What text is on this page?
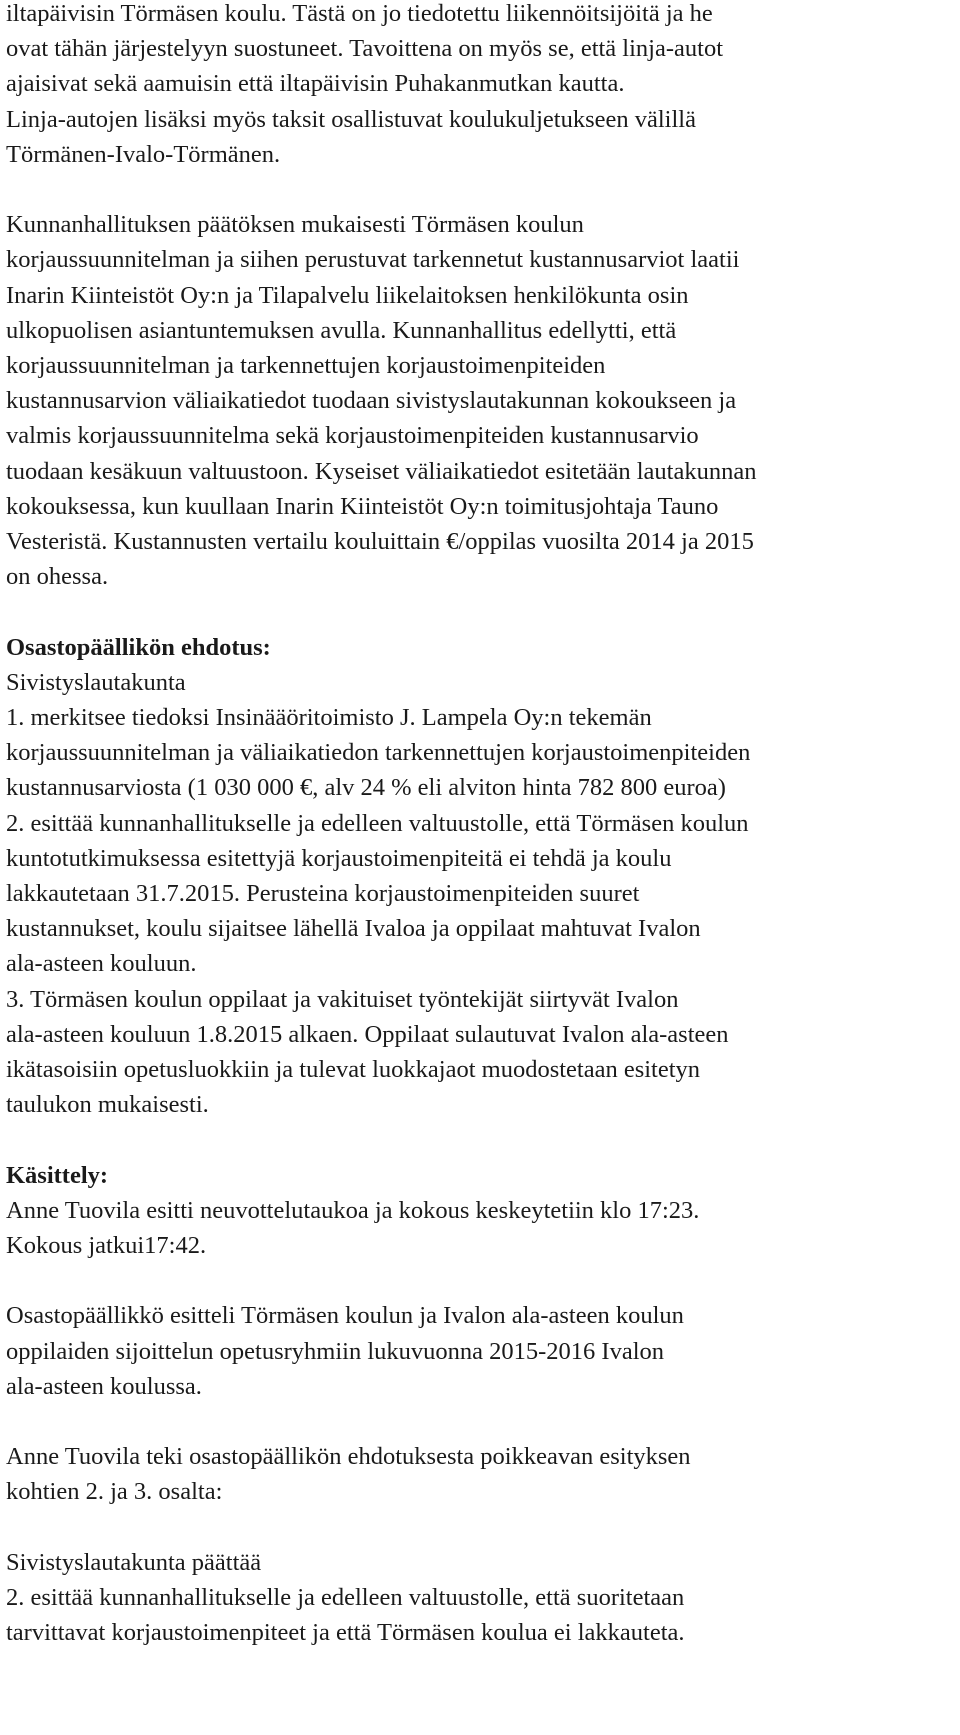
iltapäivisin Törmäsen koulu. Tästä on jo tiedotettu liikennöitsijöitä ja he
ovat tähän järjestelyyn suostuneet. Tavoittena on myös se, että linja-autot
ajaisivat sekä aamuisin että iltapäivisin Puhakanmutkan kautta.
Linja-autojen lisäksi myös taksit osallistuvat koulukuljetukseen välillä
Törmänen-Ivalo-Törmänen.
Kunnanhallituksen päätöksen mukaisesti Törmäsen koulun
korjaussuunnitelman ja siihen perustuvat tarkennetut kustannusarviot laatii
Inarin Kiinteistöt Oy:n ja Tilapalvelu liikelaitoksen henkilökunta osin
ulkopuolisen asiantuntemuksen avulla. Kunnanhallitus edellytti, että
korjaussuunnitelman ja tarkennettujen korjaustoimenpiteiden
kustannusarvion väliaikatiedot tuodaan sivistyslautakunnan kokoukseen ja
valmis korjaussuunnitelma sekä korjaustoimenpiteiden kustannusarvio
tuodaan kesäkuun valtuustoon. Kyseiset väliaikatiedot esitetään lautakunnan
kokouksessa, kun kuullaan Inarin Kiinteistöt Oy:n toimitusjohtaja Tauno
Vesteristä. Kustannusten vertailu kouluittain €/oppilas vuosilta 2014 ja 2015
on ohessa.
Osastopäällikön ehdotus:
Sivistyslautakunta
1. merkitsee tiedoksi Insinääöritoimisto J. Lampela Oy:n tekemän
korjaussuunnitelman ja väliaikatiedon tarkennettujen korjaustoimenpiteiden
kustannusarviosta (1 030 000 €, alv 24 % eli alviton hinta 782 800 euroa)
2. esittää kunnanhallitukselle ja edelleen valtuustolle, että Törmäsen koulun
kuntotutkimuksessa esitettyjä korjaustoimenpiteitä ei tehdä ja koulu
lakkautetaan 31.7.2015. Perusteina korjaustoimenpiteiden suuret
kustannukset, koulu sijaitsee lähellä Ivaloa ja oppilaat mahtuvat Ivalon
ala-asteen kouluun.
3. Törmäsen koulun oppilaat ja vakituiset työntekijät siirtyvät Ivalon
ala-asteen kouluun 1.8.2015 alkaen. Oppilaat sulautuvat Ivalon ala-asteen
ikätasoisiin opetusluokkiin ja tulevat luokkajaot muodostetaan esitetyn
taulukon mukaisesti.
Käsittely:
Anne Tuovila esitti neuvottelutaukoa ja kokous keskeytetiin klo 17:23.
Kokous jatkui17:42.
Osastopäällikkö esitteli Törmäsen koulun ja Ivalon ala-asteen koulun
oppilaiden sijoittelun opetusryhmiin lukuvuonna 2015-2016 Ivalon
ala-asteen koulussa.
Anne Tuovila teki osastopäällikön ehdotuksesta poikkeavan esityksen
kohtien 2. ja 3. osalta:
Sivistyslautakunta päättää
2. esittää kunnanhallitukselle ja edelleen valtuustolle, että suoritetaan
tarvittavat korjaustoimenpiteet ja että Törmäsen koulua ei lakkauteta.
